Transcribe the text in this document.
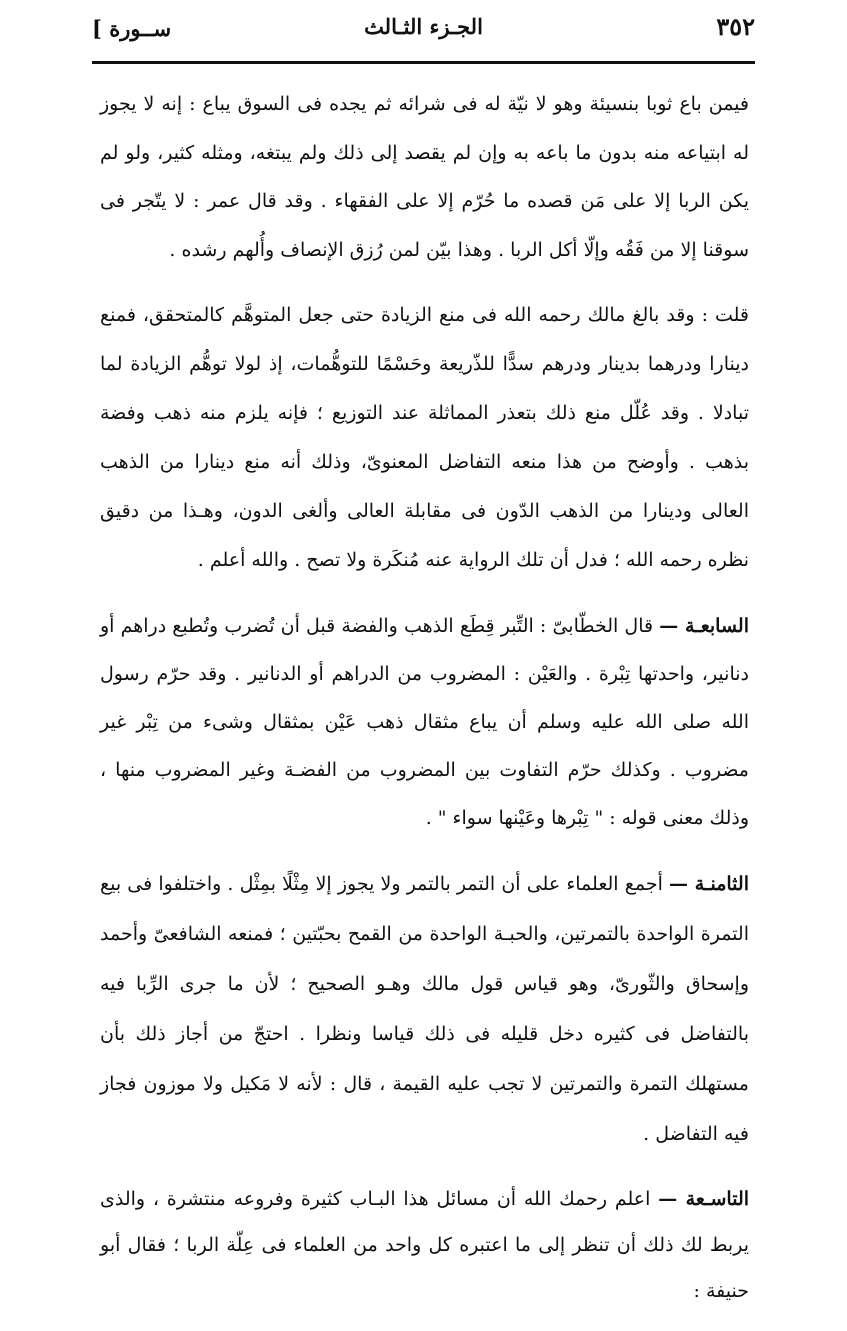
٣٥٢
الجـزء الثـالث
[ ســورة

فيمن باع ثوبا بنسيئة وهو لا نيّة له فى شرائه ثم يجده فى السوق يباع : إنه لا يجوز له ابتياعه منه بدون ما باعه به وإن لم يقصد إلى ذلك ولم يبتغه، ومثله كثير، ولو لم يكن الربا إلا على مَن قصده ما حُرّم إلا على الفقهاء . وقد قال عمر : لا يتّجر فى سوقنا إلا من فَقُه وإلّا أكل الربا . وهذا بيّن لمن رُزق الإنصاف وأُلهم رشده .

قلت : وقد بالغ مالك رحمه الله فى منع الزيادة حتى جعل المتوهَّم كالمتحقق، فمنع دينارا ودرهما بدينار ودرهم سدًّا للذّريعة وحَسْمًا للتوهُّمات، إذ لولا توهُّم الزيادة لما تبادلا . وقد عُلّل منع ذلك بتعذر المماثلة عند التوزيع ؛ فإنه يلزم منه ذهب وفضة بذهب . وأوضح من هذا منعه التفاضل المعنوىّ، وذلك أنه منع دينارا من الذهب العالى ودينارا من الذهب الدّون فى مقابلة العالى وألغى الدون، وهـذا من دقيق نظره رحمه الله ؛ فدل أن تلك الرواية عنه مُنكَرة ولا تصح . والله أعلم .

السابعـة — قال الخطّابىّ : التِّبر قِطَع الذهب والفضة قبل أن تُضرب وتُطبع دراهم أو دنانير، واحدتها تِبْرة . والعَيْن : المضروب من الدراهم أو الدنانير . وقد حرّم رسول الله صلى الله عليه وسلم أن يباع مثقال ذهب عَيْن بمثقال وشىء من تِبْر غير مضروب . وكذلك حرّم التفاوت بين المضروب من الفضـة وغير المضروب منها ، وذلك معنى قوله : " تِبْرها وعَيْنها سواء " .

الثامنـة — أجمع العلماء على أن التمر بالتمر ولا يجوز إلا مِثْلًا بمِثْل . واختلفوا فى بيع التمرة الواحدة بالتمرتين، والحبـة الواحدة من القمح بحبّتين ؛ فمنعه الشافعىّ وأحمد وإسحاق والثّورىّ، وهو قياس قول مالك وهـو الصحيح ؛ لأن ما جرى الرِّبا فيه بالتفاضل فى كثيره دخل قليله فى ذلك قياسا ونظرا . احتجّ من أجاز ذلك بأن مستهلك التمرة والتمرتين لا تجب عليه القيمة ، قال : لأنه لا مَكيل ولا موزون فجاز فيه التفاضل .

التاسـعة — اعلم رحمك الله أن مسائل هذا البـاب كثيرة وفروعه منتشرة ، والذى يربط لك ذلك أن تنظر إلى ما اعتبره كل واحد من العلماء فى عِلّة الربا ؛ فقال أبو حنيفة :
